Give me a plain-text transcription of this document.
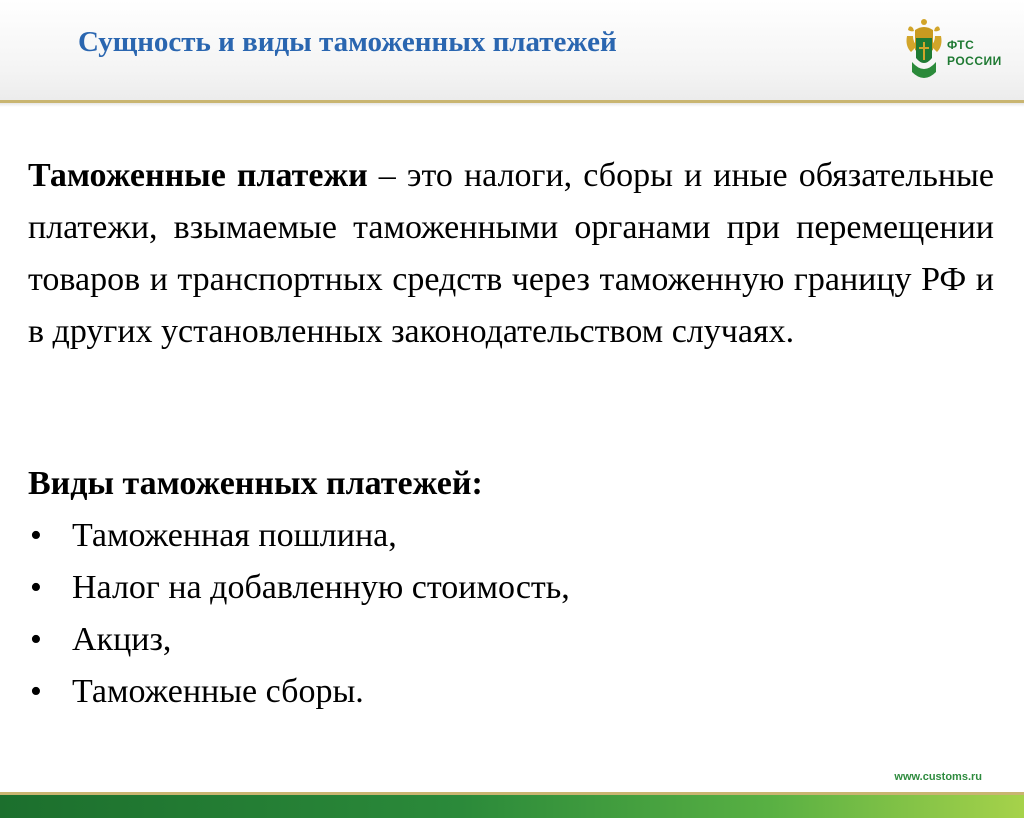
Сущность и виды таможенных платежей	ФТС
РОССИИ
Таможенные платежи – это налоги, сборы и иные обязательные платежи, взымаемые таможенными органами при перемещении товаров и транспортных средств через таможенную границу РФ и в других установленных законодательством случаях.
Виды таможенных платежей:
• Таможенная пошлина,
• Налог на добавленную стоимость,
• Акциз,
• Таможенные сборы.
www.customs.ru
